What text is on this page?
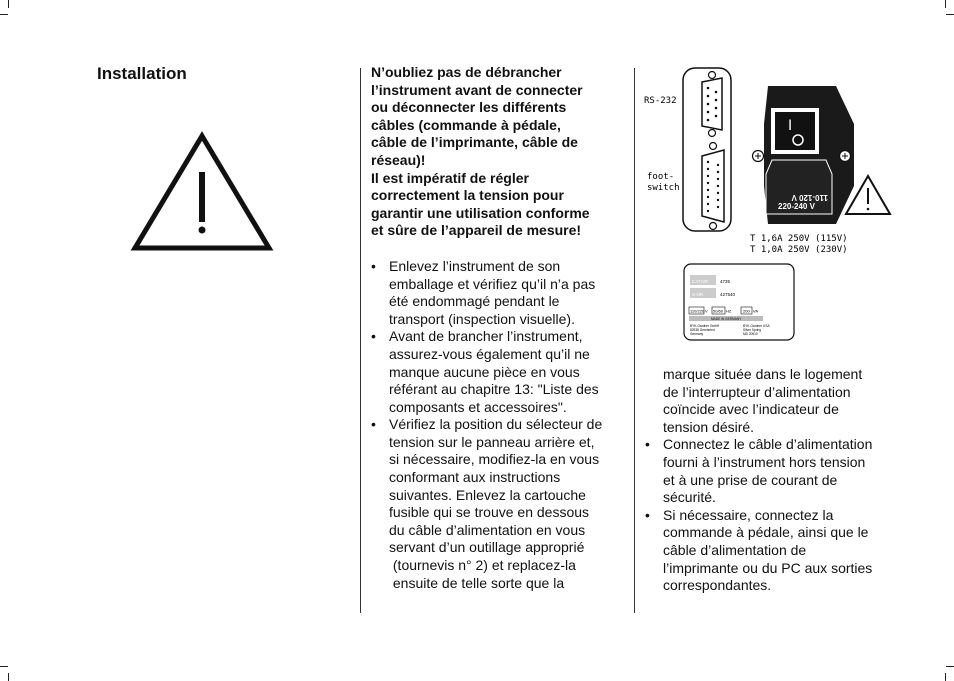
Installation	N’oubliez pas de débrancher
l’instrument avant de connecter
ou déconnecter les différents
câbles (commande à pédale,
câble de l’imprimante, câble de
réseau)!
Il est impératif de régler
correctement la tension pour
garantir une utilisation conforme
et sûre de l’appareil de mesure!
• Enlevez l’instrument de son
emballage et vérifiez qu’il n’a pas
été endommagé pendant le
transport (inspection visuelle).
• Avant de brancher l’instrument,
assurez-vous également qu’il ne
manque aucune pièce en vous
référant au chapitre 13: "Liste des
composants et accessoires".
• Vérifiez la position du sélecteur de
tension sur le panneau arrière et,
si nécessaire, modifiez-la en vous
conformant aux instructions
suivantes. Enlevez la cartouche
fusible qui se trouve en dessous
du câble d’alimentation en vous
servant d’un outillage approprié
(tournevis n° 2) et replacez-la
ensuite de telle sorte que la
RS-232
foot-
switch
I
110-120 V
220-240 V
T 1,6A 250V (115V)
T 1,0A 250V (230V)
CAT.NR.
S-NR.
4735
427540
110/220 V 50/60 HZ	200 VA
MADE IN GERMANY
BYK-Gardner GmbH
82538 Geretsried
Germany
BYK-Gardner USA
Silver Spring
MD 20910
marque située dans le logement
de l’interrupteur d’alimentation
coïncide avec l’indicateur de
tension désiré.
• Connectez le câble d’alimentation
fourni à l’instrument hors tension
et à une prise de courant de
sécurité.
• Si nécessaire, connectez la
commande à pédale, ainsi que le
câble d’alimentation de
l’imprimante ou du PC aux sorties
correspondantes.
